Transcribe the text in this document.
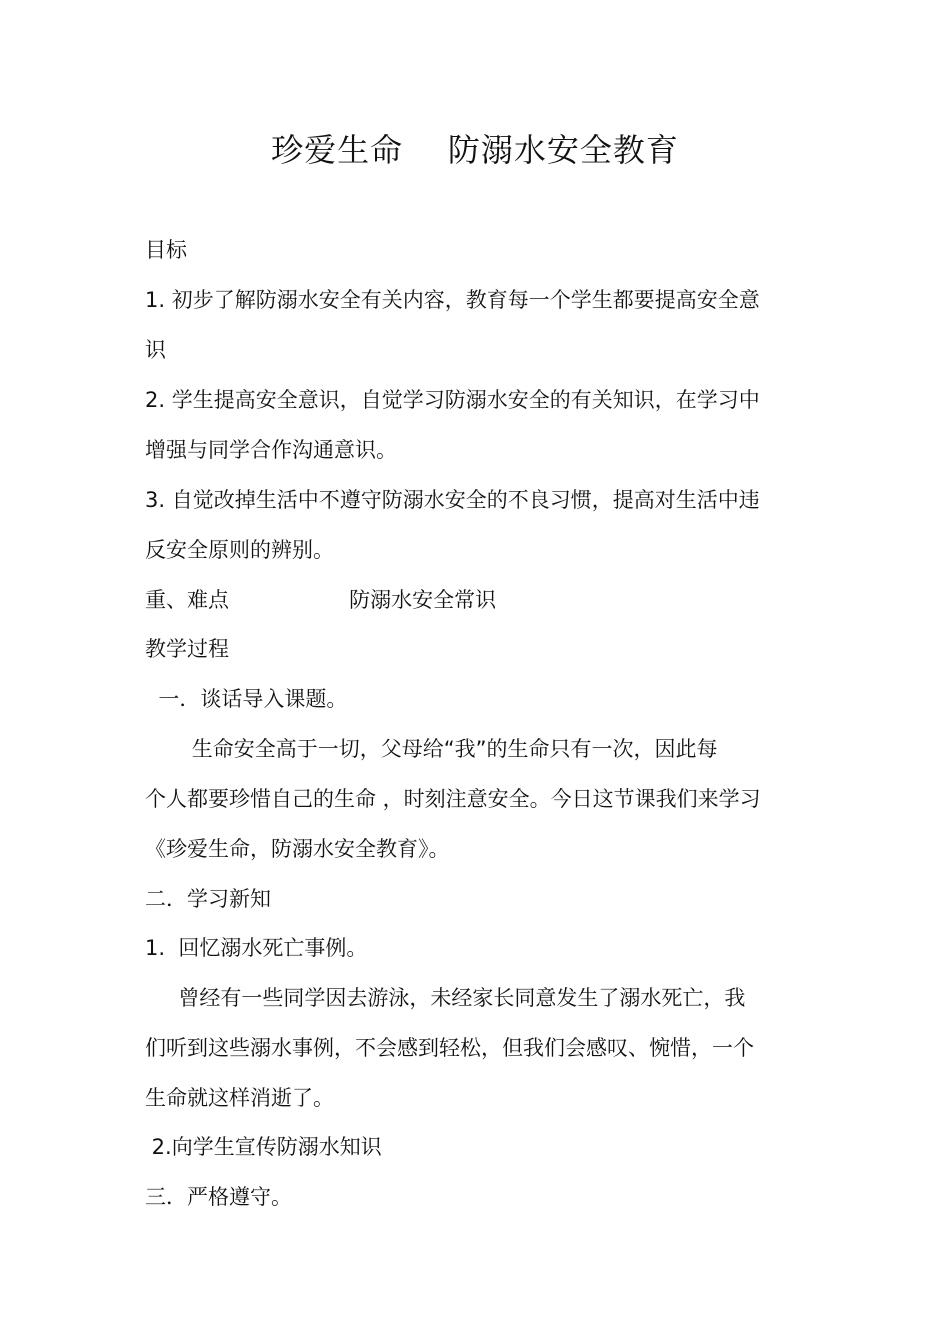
珍爱生命    防溺水安全教育
目标
1. 初步了解防溺水安全有关内容，教育每一个学生都要提高安全意
识
2. 学生提高安全意识，自觉学习防溺水安全的有关知识，在学习中
增强与同学合作沟通意识。
3. 自觉改掉生活中不遵守防溺水安全的不良习惯，提高对生活中违
反安全原则的辨别。
重、难点                  防溺水安全常识
教学过程
一．谈话导入课题。
生命安全高于一切，父母给“我”的生命只有一次，因此每
个人都要珍惜自己的生命 ，时刻注意安全。今日这节课我们来学习
《珍爱生命，防溺水安全教育》。
二．学习新知
1.  回忆溺水死亡事例。
曾经有一些同学因去游泳，未经家长同意发生了溺水死亡，我
们听到这些溺水事例，不会感到轻松，但我们会感叹、惋惜，一个
生命就这样消逝了。
2.向学生宣传防溺水知识
三．严格遵守。
